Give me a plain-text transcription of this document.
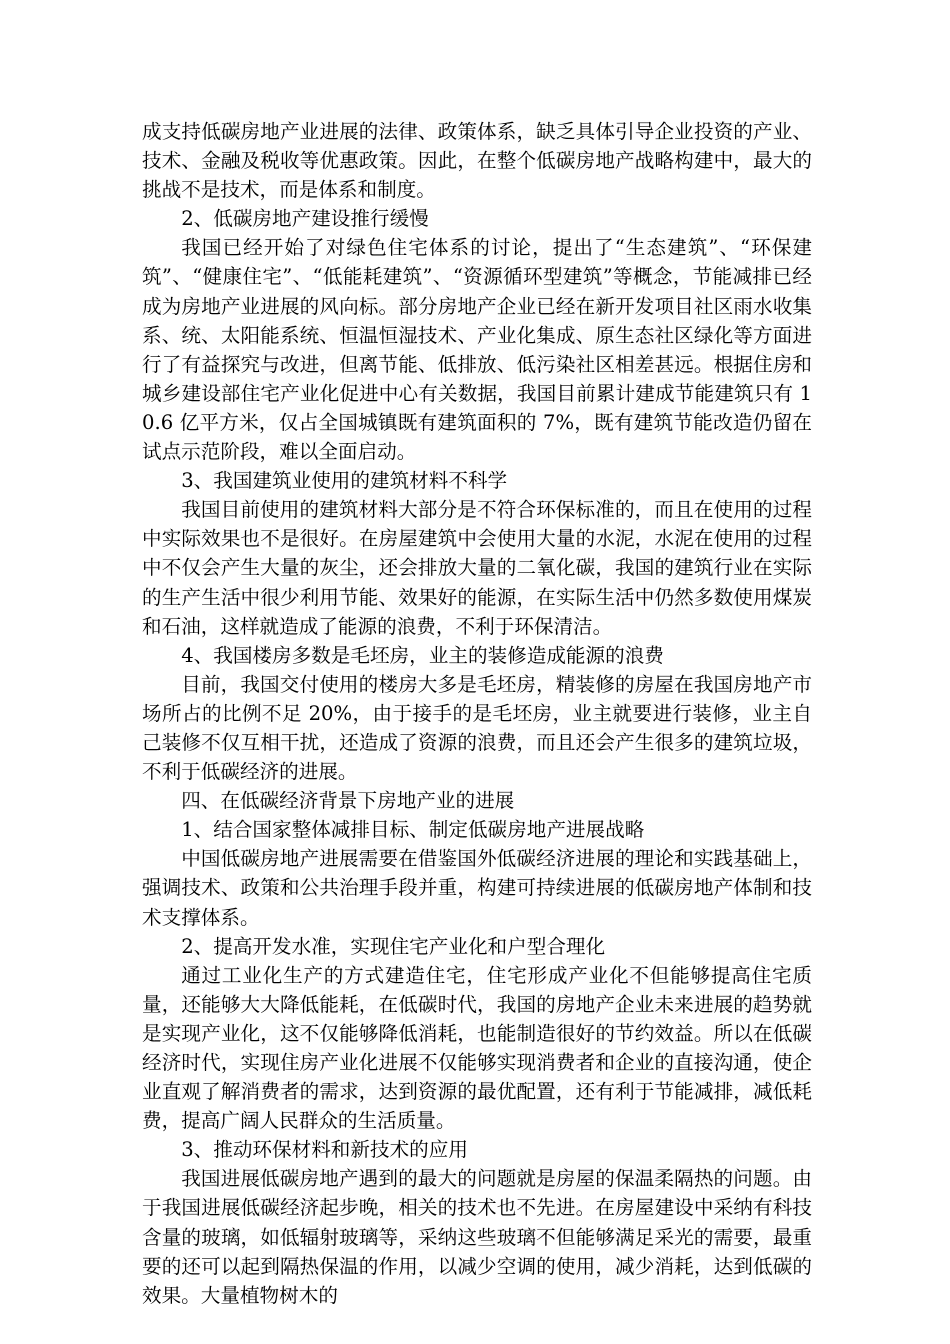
成支持低碳房地产业进展的法律、政策体系，缺乏具体引导企业投资的产业、技术、金融及税收等优惠政策。因此，在整个低碳房地产战略构建中，最大的挑战不是技术，而是体系和制度。

2、低碳房地产建设推行缓慢

我国已经开始了对绿色住宅体系的讨论，提出了“生态建筑”、“环保建筑”、“健康住宅”、“低能耗建筑”、“资源循环型建筑”等概念，节能减排已经成为房地产业进展的风向标。部分房地产企业已经在新开发项目社区雨水收集系、统、太阳能系统、恒温恒湿技术、产业化集成、原生态社区绿化等方面进行了有益探究与改进，但离节能、低排放、低污染社区相差甚远。根据住房和城乡建设部住宅产业化促进中心有关数据，我国目前累计建成节能建筑只有 10.6 亿平方米，仅占全国城镇既有建筑面积的 7%，既有建筑节能改造仍留在试点示范阶段，难以全面启动。

3、我国建筑业使用的建筑材料不科学

我国目前使用的建筑材料大部分是不符合环保标准的，而且在使用的过程中实际效果也不是很好。在房屋建筑中会使用大量的水泥，水泥在使用的过程中不仅会产生大量的灰尘，还会排放大量的二氧化碳，我国的建筑行业在实际的生产生活中很少利用节能、效果好的能源，在实际生活中仍然多数使用煤炭和石油，这样就造成了能源的浪费，不利于环保清洁。

4、我国楼房多数是毛坯房，业主的装修造成能源的浪费

目前，我国交付使用的楼房大多是毛坯房，精装修的房屋在我国房地产市场所占的比例不足 20%，由于接手的是毛坯房，业主就要进行装修，业主自己装修不仅互相干扰，还造成了资源的浪费，而且还会产生很多的建筑垃圾，不利于低碳经济的进展。

四、在低碳经济背景下房地产业的进展

1、结合国家整体减排目标、制定低碳房地产进展战略

中国低碳房地产进展需要在借鉴国外低碳经济进展的理论和实践基础上，强调技术、政策和公共治理手段并重，构建可持续进展的低碳房地产体制和技术支撑体系。

2、提高开发水准，实现住宅产业化和户型合理化

通过工业化生产的方式建造住宅，住宅形成产业化不但能够提高住宅质量，还能够大大降低能耗，在低碳时代，我国的房地产企业未来进展的趋势就是实现产业化，这不仅能够降低消耗，也能制造很好的节约效益。所以在低碳经济时代，实现住房产业化进展不仅能够实现消费者和企业的直接沟通，使企业直观了解消费者的需求，达到资源的最优配置，还有利于节能减排，减低耗费，提高广阔人民群众的生活质量。

3、推动环保材料和新技术的应用

我国进展低碳房地产遇到的最大的问题就是房屋的保温柔隔热的问题。由于我国进展低碳经济起步晚，相关的技术也不先进。在房屋建设中采纳有科技含量的玻璃，如低辐射玻璃等，采纳这些玻璃不但能够满足采光的需要，最重要的还可以起到隔热保温的作用，以减少空调的使用，减少消耗，达到低碳的效果。大量植物树木的
